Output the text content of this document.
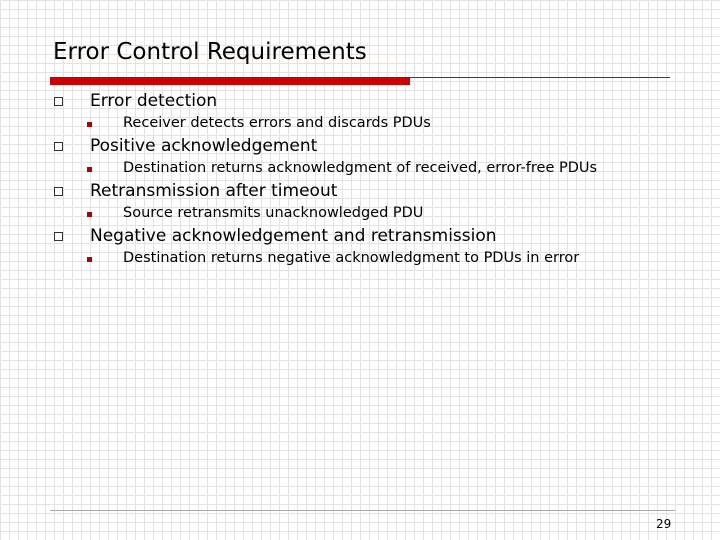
Error Control Requirements
Error detection
Receiver detects errors and discards PDUs
Positive acknowledgement
Destination returns acknowledgment of received, error-free PDUs
Retransmission after timeout
Source retransmits unacknowledged PDU
Negative acknowledgement and retransmission
Destination returns negative acknowledgment to PDUs in error
29
